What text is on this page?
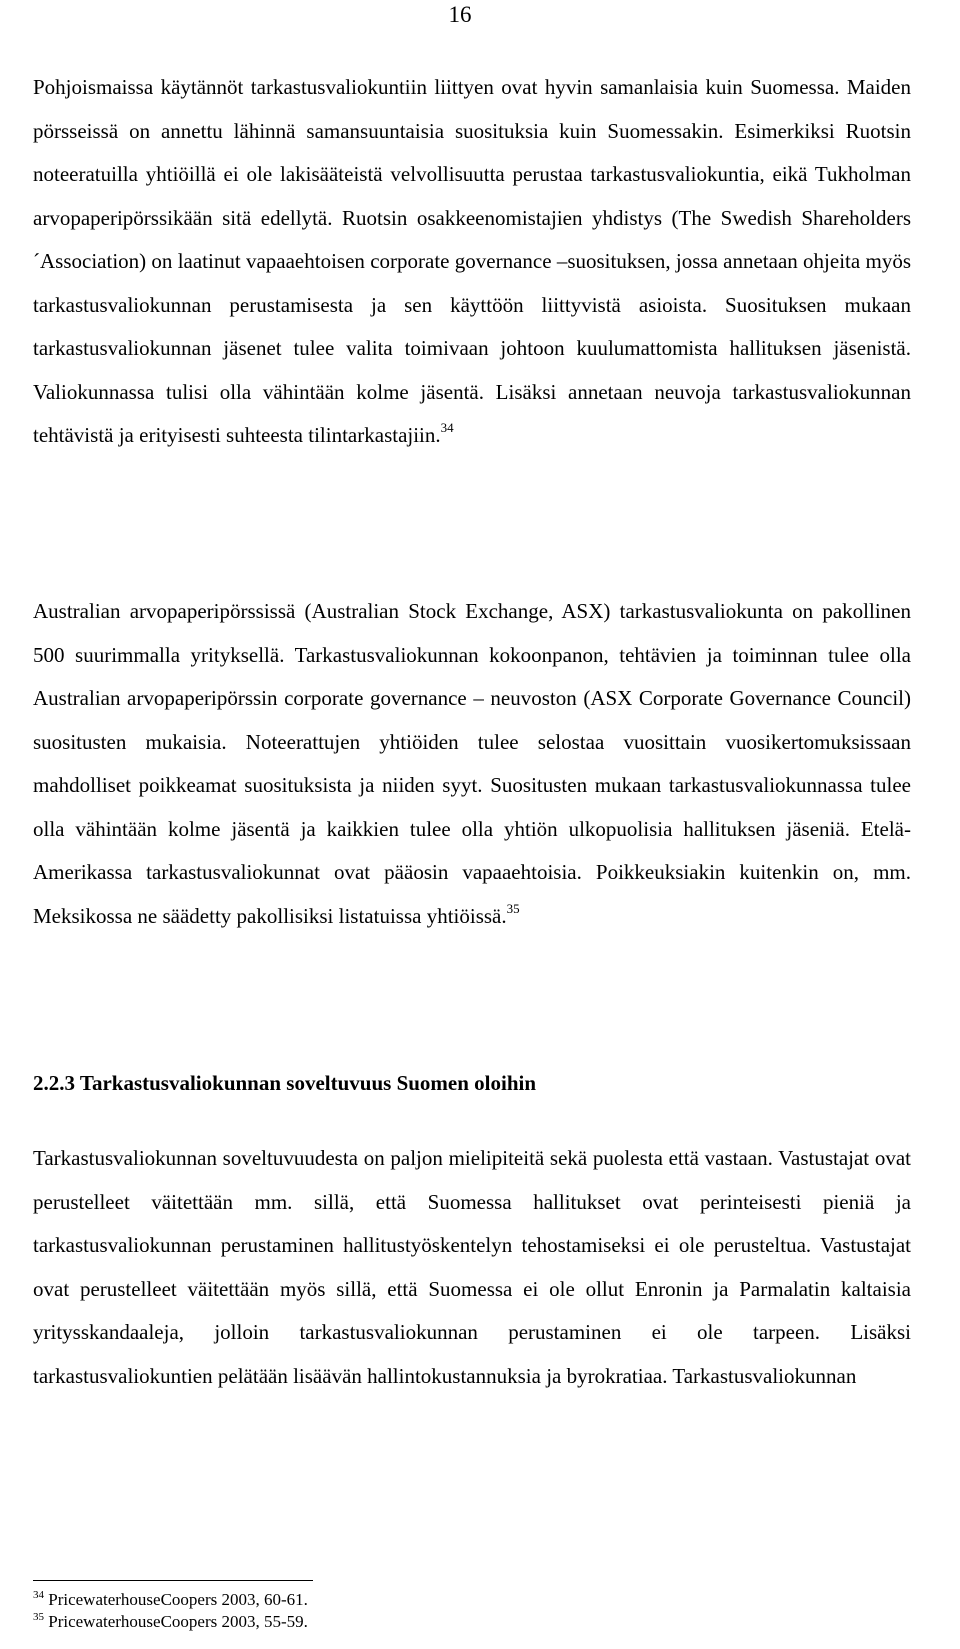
16

Pohjoismaissa käytännöt tarkastusvaliokuntiin liittyen ovat hyvin samanlaisia kuin Suomessa. Maiden pörsseissä on annettu lähinnä samansuuntaisia suosituksia kuin Suomessakin. Esimerkiksi Ruotsin noteeratuilla yhtiöillä ei ole lakisääteistä velvollisuutta perustaa tarkastusvaliokuntia, eikä Tukholman arvopaperipörssikään sitä edellytä. Ruotsin osakkeenomistajien yhdistys (The Swedish Shareholders´Association) on laatinut vapaaehtoisen corporate governance –suosituksen, jossa annetaan ohjeita myös tarkastusvaliokunnan perustamisesta ja sen käyttöön liittyvistä asioista. Suosituksen mukaan tarkastusvaliokunnan jäsenet tulee valita toimivaan johtoon kuulumattomista hallituksen jäsenistä. Valiokunnassa tulisi olla vähintään kolme jäsentä. Lisäksi annetaan neuvoja tarkastusvaliokunnan tehtävistä ja erityisesti suhteesta tilintarkastajiin.$^{34}$

Australian arvopaperipörssissä (Australian Stock Exchange, ASX) tarkastusvaliokunta on pakollinen 500 suurimmalla yrityksellä. Tarkastusvaliokunnan kokoonpanon, tehtävien ja toiminnan tulee olla Australian arvopaperipörssin corporate governance – neuvoston (ASX Corporate Governance Council) suositusten mukaisia. Noteerattujen yhtiöiden tulee selostaa vuosittain vuosikertomuksissaan mahdolliset poikkeamat suosituksista ja niiden syyt. Suositusten mukaan tarkastusvaliokunnassa tulee olla vähintään kolme jäsentä ja kaikkien tulee olla yhtiön ulkopuolisia hallituksen jäseniä. Etelä-Amerikassa tarkastusvaliokunnat ovat pääosin vapaaehtoisia. Poikkeuksiakin kuitenkin on, mm. Meksikossa ne säädetty pakollisiksi listatuissa yhtiöissä.$^{35}$

2.2.3 Tarkastusvaliokunnan soveltuvuus Suomen oloihin

Tarkastusvaliokunnan soveltuvuudesta on paljon mielipiteitä sekä puolesta että vastaan. Vastustajat ovat perustelleet väitettään mm. sillä, että Suomessa hallitukset ovat perinteisesti pieniä ja tarkastusvaliokunnan perustaminen hallitustyöskentelyn tehostamiseksi ei ole perusteltua. Vastustajat ovat perustelleet väitettään myös sillä, että Suomessa ei ole ollut Enronin ja Parmalatin kaltaisia yritysskandaaleja, jolloin tarkastusvaliokunnan perustaminen ei ole tarpeen. Lisäksi tarkastusvaliokuntien pelätään lisäävän hallintokustannuksia ja byrokratiaa. Tarkastusvaliokunnan

$^{34}$ PricewaterhouseCoopers 2003, 60-61.
$^{35}$ PricewaterhouseCoopers 2003, 55-59.
